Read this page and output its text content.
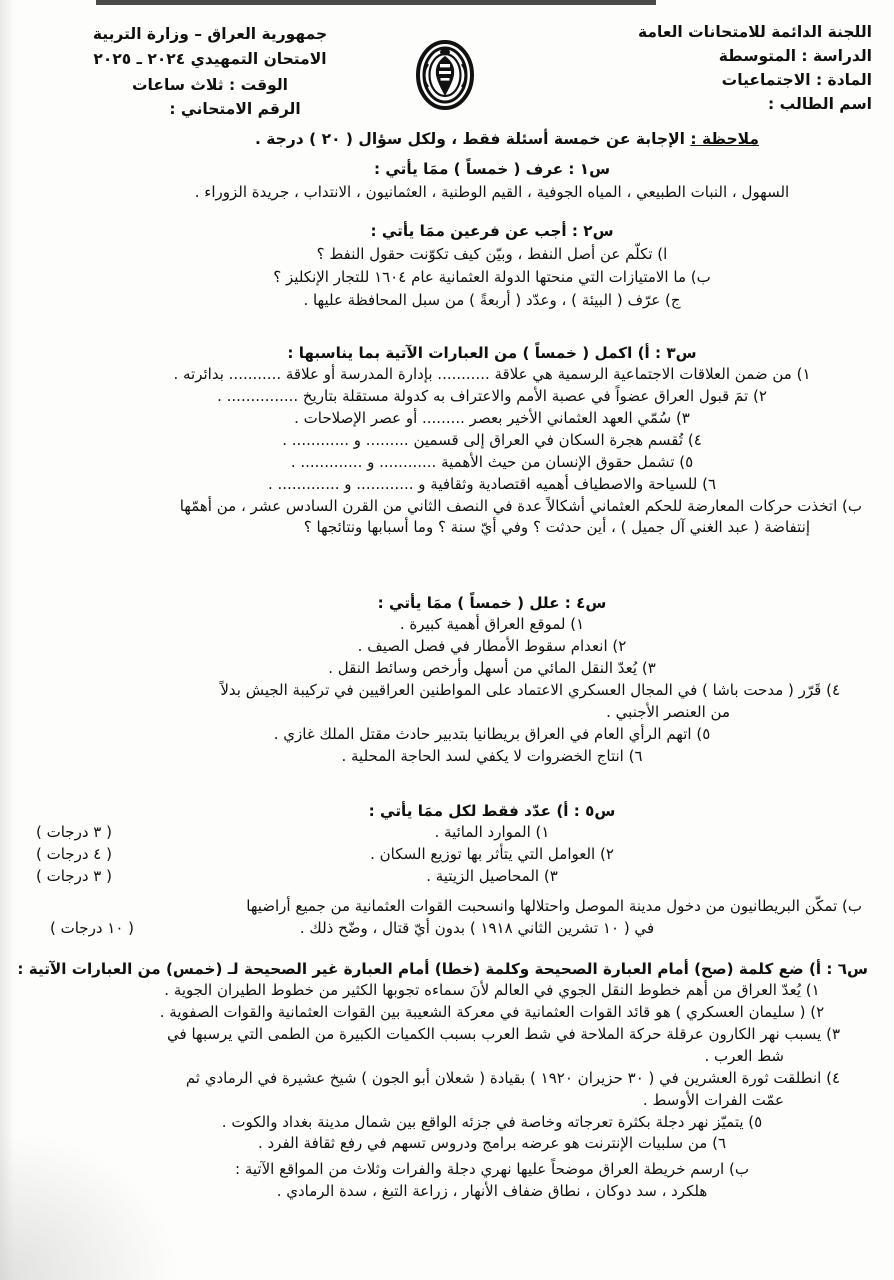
اللجنة الدائمة للامتحانات العامة
الدراسة : المتوسطة
المادة : الاجتماعيات
اسم الطالب :
جمهورية العراق – وزارة التربية
الامتحان التمهيدي ٢٠٢٤ ـ ٢٠٢٥
الوقت : ثلاث ساعات
الرقم الامتحاني :
ملاحظة : الإجابة عن خمسة أسئلة فقط ، ولكل سؤال ( ٢٠ ) درجة .
س١ : عرف ( خمساً ) ممَا يأتي :
السهول ، النبات الطبيعي ، المياه الجوفية ، القيم الوطنية ، العثمانيون ، الانتداب ، جريدة الزوراء .
س٢ : أجب عن فرعين ممَا يأتي :
ا) تكلّم عن أصل النفط ، وبيّن كيف تكوّنت حقول النفط ؟
ب) ما الامتيازات التي منحتها الدولة العثمانية عام ١٦٠٤ للتجار الإنكليز ؟
ج) عرّف ( البيئة ) ، وعدّد ( أربعةً ) من سبل المحافظة عليها .
س٣ : أ) اكمل ( خمساً ) من العبارات الآتية بما يناسبها :
١) من ضمن العلاقات الاجتماعية الرسمية هي علاقة ........... بإدارة المدرسة أو علاقة ........... بدائرته .
٢) تمَ قبول العراق عضواً في عصبة الأمم والاعتراف به كدولة مستقلة بتاريخ ............... .
٣) سُمّي العهد العثماني الأخير بعصر ......... أو عصر الإصلاحات .
٤) تُقسم هجرة السكان في العراق إلى قسمين ......... و ............ .
٥) تشمل حقوق الإنسان من حيث الأهمية ............ و ............. .
٦) للسياحة والاصطياف أهميه اقتصادية وثقافية و ............ و ............. .
ب) اتخذت حركات المعارضة للحكم العثماني أشكالاً عدة في النصف الثاني من القرن السادس عشر ، من أهمّها
إنتفاضة ( عبد الغني آل جميل ) ، أين حدثت ؟ وفي أيّ سنة ؟ وما أسبابها ونتائجها ؟
س٤ : علل ( خمساً ) ممَا يأتي :
١) لموقع العراق أهمية كبيرة .
٢) انعدام سقوط الأمطار في فصل الصيف .
٣) يُعدّ النقل المائي من أسهل وأرخص وسائط النقل .
٤) قَرّر ( مدحت باشا ) في المجال العسكري الاعتماد على المواطنين العراقيين في تركيبة الجيش بدلاً
من العنصر الأجنبي .
٥) اتهم الرأي العام في العراق بريطانيا بتدبير حادث مقتل الملك غازي .
٦) انتاج الخضروات لا يكفي لسد الحاجة المحلية .
س٥ : أ) عدّد فقط لكل ممَا يأتي :
١) الموارد المائية .
( ٣ درجات )
٢) العوامل التي يتأثر بها توزيع السكان .
( ٤ درجات )
٣) المحاصيل الزيتية .
( ٣ درجات )
ب) تمكّن البريطانيون من دخول مدينة الموصل واحتلالها وانسحبت القوات العثمانية من جميع أراضيها
في ( ١٠ تشرين الثاني ١٩١٨ ) بدون أيّ قتال ، وضّح ذلك .
( ١٠ درجات )
س٦ : أ) ضع كلمة (صح) أمام العبارة الصحيحة وكلمة (خطا) أمام العبارة غير الصحيحة لـ (خمس) من العبارات الآتية :
١) يُعدّ العراق من أهم خطوط النقل الجوي في العالم لأنَ سماءه تجوبها الكثير من خطوط الطيران الجوية .
٢) ( سليمان العسكري ) هو قائد القوات العثمانية في معركة الشعيبة بين القوات العثمانية والقوات الصفوية .
٣) يسبب نهر الكارون عرقلة حركة الملاحة في شط العرب بسبب الكميات الكبيرة من الطمى التي يرسبها في
شط العرب .
٤) انطلقت ثورة العشرين في ( ٣٠ حزيران ١٩٢٠ ) بقيادة ( شعلان أبو الجون ) شيخ عشيرة في الرمادي ثم
عمّت الفرات الأوسط .
٥) يتميّز نهر دجلة بكثرة تعرجاته وخاصة في جزئه الواقع بين شمال مدينة بغداد والكوت .
٦) من سلبيات الإنترنت هو عرضه برامج ودروس تسهم في رفع ثقافة الفرد .
ب) ارسم خريطة العراق موضحاً عليها نهري دجلة والفرات وثلاث من المواقع الآتية :
هلكرد ، سد دوكان ، نطاق ضفاف الأنهار ، زراعة التبغ ، سدة الرمادي .
